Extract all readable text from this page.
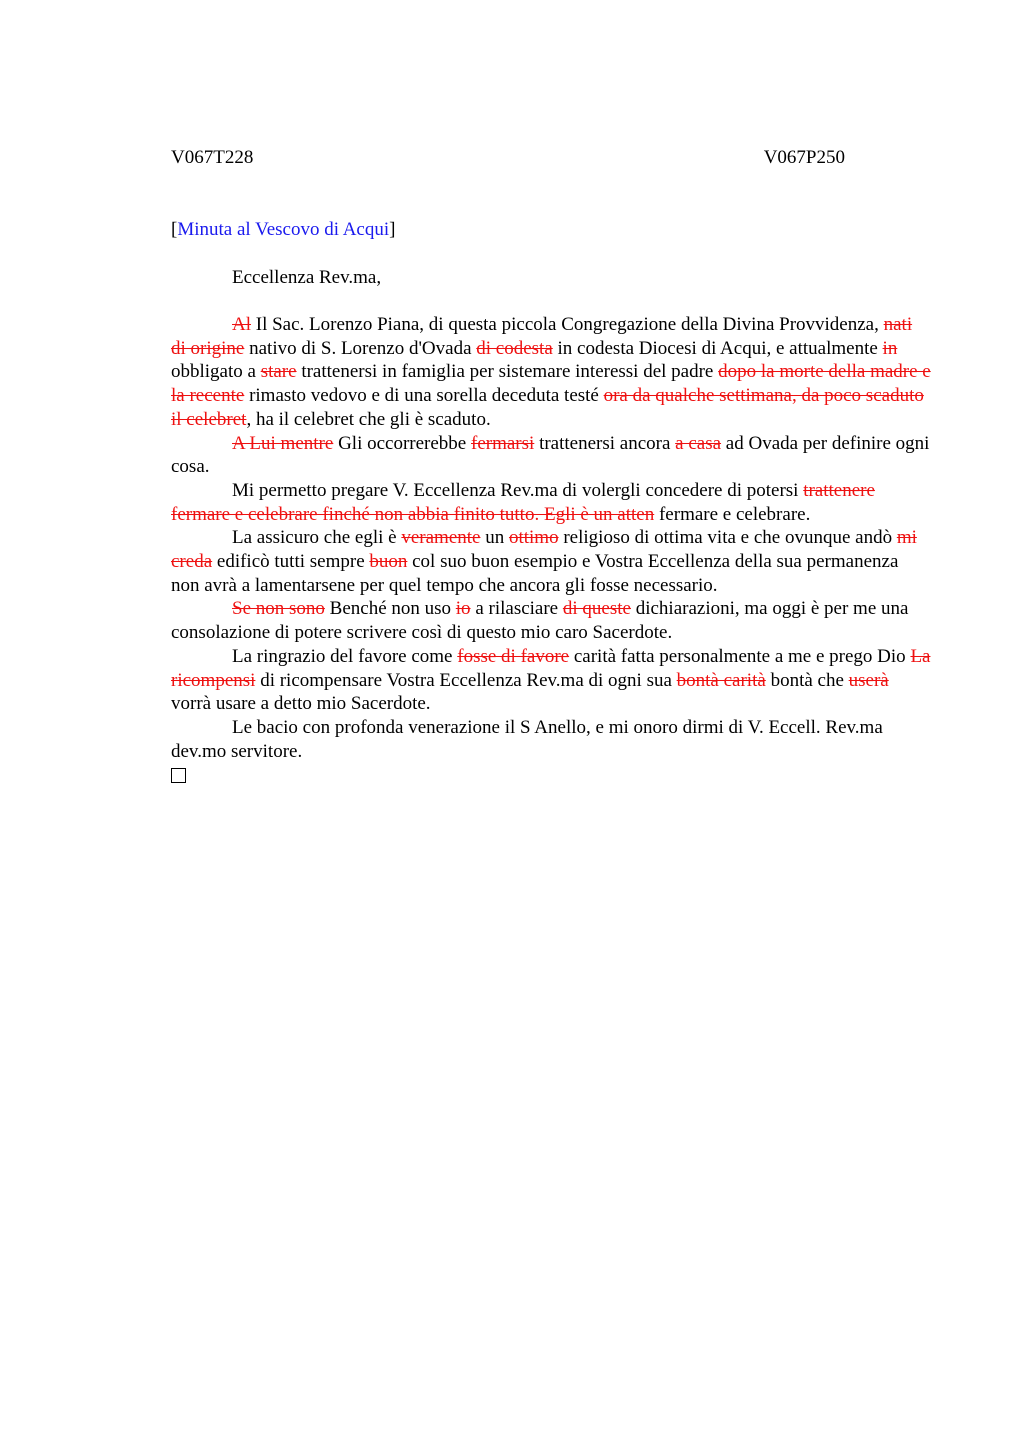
V067T228	V067P250
[Minuta al Vescovo di Acqui]
Eccellenza Rev.ma,

Al Il Sac. Lorenzo Piana, di questa piccola Congregazione della Divina Provvidenza, nati di origine nativo di S. Lorenzo d'Ovada di codesta in codesta Diocesi di Acqui, e attualmente in obbligato a stare trattenersi in famiglia per sistemare interessi del padre dopo la morte della madre e la recente rimasto vedovo e di una sorella deceduta testé ora da qualche settimana, da poco scaduto il celebret, ha il celebret che gli è scaduto.

A Lui mentre Gli occorrerebbe fermarsi trattenersi ancora a casa ad Ovada per definire ogni cosa.

Mi permetto pregare V. Eccellenza Rev.ma di volergli concedere di potersi trattenere fermare e celebrare finché non abbia finito tutto. Egli è un atten fermare e celebrare.

La assicuro che egli è veramente un ottimo religioso di ottima vita e che ovunque andò mi creda edificò tutti sempre buon col suo buon esempio e Vostra Eccellenza della sua permanenza non avrà a lamentarsene per quel tempo che ancora gli fosse necessario.

Se non sono Benché non uso io a rilasciare di queste dichiarazioni, ma oggi è per me una consolazione di potere scrivere così di questo mio caro Sacerdote.

La ringrazio del favore come fosse di favore carità fatta personalmente a me e prego Dio La ricompensi di ricompensare Vostra Eccellenza Rev.ma di ogni sua bontà carità bontà che userà vorrà usare a detto mio Sacerdote.

Le bacio con profonda venerazione il S Anello, e mi onoro dirmi di V. Eccell. Rev.ma dev.mo servitore.
